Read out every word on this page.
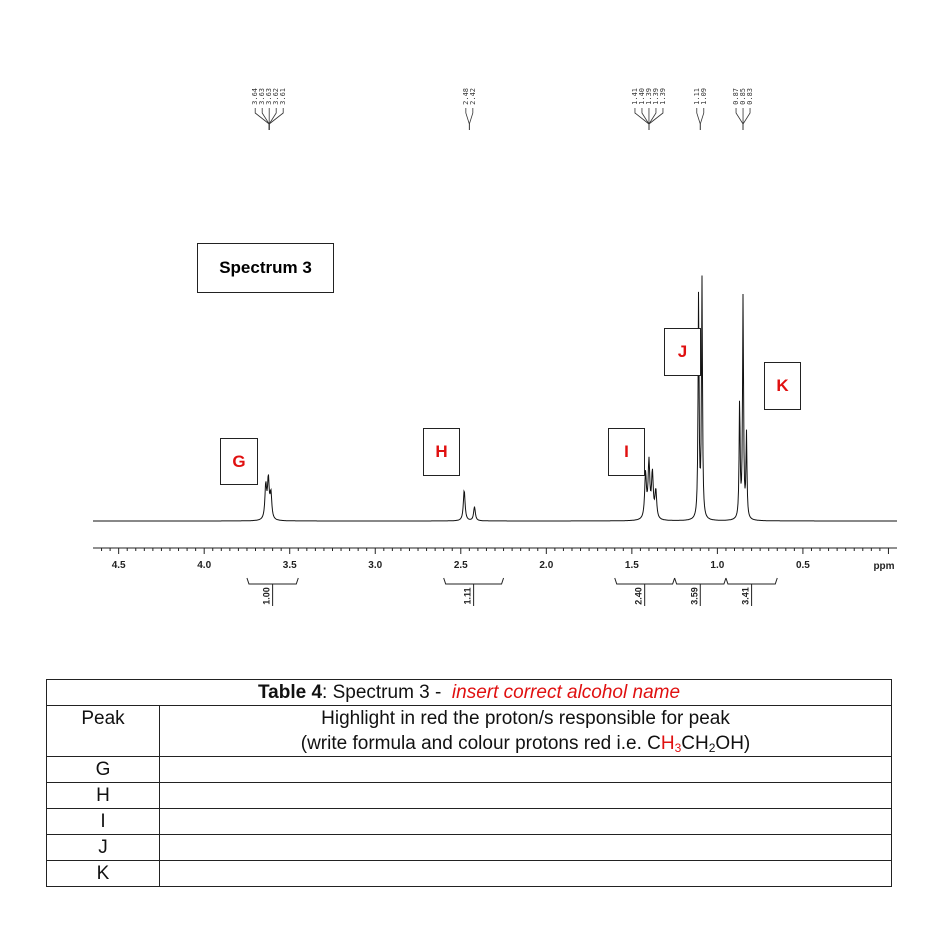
3.64 3.63 3.63 3.62 3.61	2.48 2.42	1.41 1.40 1.39 1.39 1.39	1.11 1.09	0.87 0.85 0.83
4.5	4.0	3.5	3.0	2.5	2.0	1.5	1.0	0.5	ppm
1.00	1.11	2.40	3.59	3.41
Spectrum 3
G	H	I
J
K
Table 4: Spectrum 3 -  insert correct alcohol name	
Peak	Highlight in red the proton/s responsible for peak
(write formula and colour protons red i.e. $CH_3CH_2OH$)

G	
H	
I	
J	
K	
